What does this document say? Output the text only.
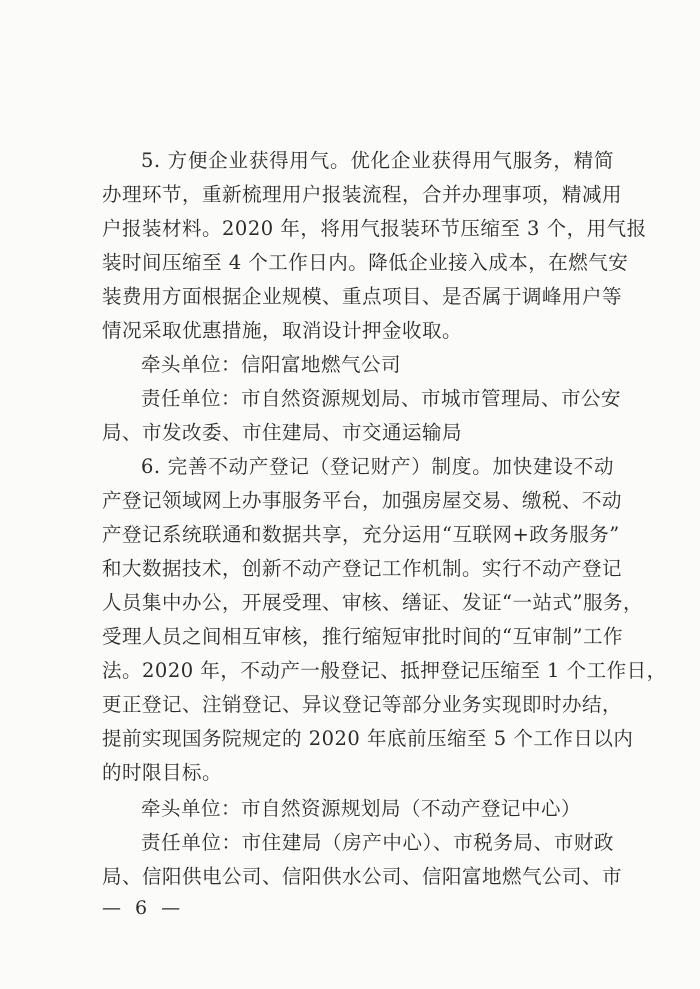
5. 方便企业获得用气。优化企业获得用气服务，精简
办理环节，重新梳理用户报装流程，合并办理事项，精减用
户报装材料。2020 年，将用气报装环节压缩至 3 个，用气报
装时间压缩至 4 个工作日内。降低企业接入成本，在燃气安
装费用方面根据企业规模、重点项目、是否属于调峰用户等
情况采取优惠措施，取消设计押金收取。
牵头单位：信阳富地燃气公司
责任单位：市自然资源规划局、市城市管理局、市公安
局、市发改委、市住建局、市交通运输局
6. 完善不动产登记（登记财产）制度。加快建设不动
产登记领域网上办事服务平台，加强房屋交易、缴税、不动
产登记系统联通和数据共享，充分运用“互联网+政务服务”
和大数据技术，创新不动产登记工作机制。实行不动产登记
人员集中办公，开展受理、审核、缮证、发证“一站式”服务，
受理人员之间相互审核，推行缩短审批时间的“互审制”工作
法。2020 年，不动产一般登记、抵押登记压缩至 1 个工作日，
更正登记、注销登记、异议登记等部分业务实现即时办结，
提前实现国务院规定的 2020 年底前压缩至 5 个工作日以内
的时限目标。
牵头单位：市自然资源规划局（不动产登记中心）
责任单位：市住建局（房产中心）、市税务局、市财政
局、信阳供电公司、信阳供水公司、信阳富地燃气公司、市
— 6 —
